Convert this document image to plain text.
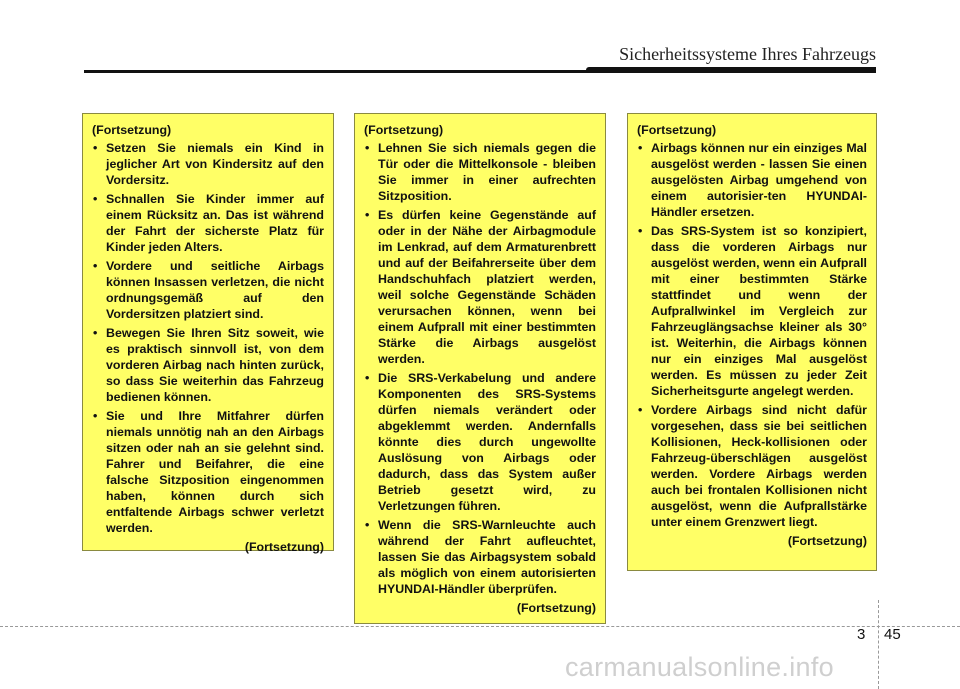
Sicherheitssysteme Ihres Fahrzeugs
(Fortsetzung)
• Setzen Sie niemals ein Kind in jeglicher Art von Kindersitz auf den Vordersitz.
• Schnallen Sie Kinder immer auf einem Rücksitz an. Das ist während der Fahrt der sicherste Platz für Kinder jeden Alters.
• Vordere und seitliche Airbags können Insassen verletzen, die nicht ordnungsgemäß auf den Vordersitzen platziert sind.
• Bewegen Sie Ihren Sitz soweit, wie es praktisch sinnvoll ist, von dem vorderen Airbag nach hinten zurück, so dass Sie weiterhin das Fahrzeug bedienen können.
• Sie und Ihre Mitfahrer dürfen niemals unnötig nah an den Airbags sitzen oder nah an sie gelehnt sind. Fahrer und Beifahrer, die eine falsche Sitzposition eingenommen haben, können durch sich entfaltende Airbags schwer verletzt werden.
(Fortsetzung)
(Fortsetzung)
• Lehnen Sie sich niemals gegen die Tür oder die Mittelkonsole - bleiben Sie immer in einer aufrechten Sitzposition.
• Es dürfen keine Gegenstände auf oder in der Nähe der Airbagmodule im Lenkrad, auf dem Armaturenbrett und auf der Beifahrerseite über dem Handschuhfach platziert werden, weil solche Gegenstände Schäden verursachen können, wenn bei einem Aufprall mit einer bestimmten Stärke die Airbags ausgelöst werden.
• Die SRS-Verkabelung und andere Komponenten des SRS-Systems dürfen niemals verändert oder abgeklemmt werden. Andernfalls könnte dies durch ungewollte Auslösung von Airbags oder dadurch, dass das System außer Betrieb gesetzt wird, zu Verletzungen führen.
• Wenn die SRS-Warnleuchte auch während der Fahrt aufleuchtet, lassen Sie das Airbagsystem sobald als möglich von einem autorisierten HYUNDAI-Händler überprüfen.
(Fortsetzung)
(Fortsetzung)
• Airbags können nur ein einziges Mal ausgelöst werden - lassen Sie einen ausgelösten Airbag umgehend von einem autorisier-ten HYUNDAI-Händler ersetzen.
• Das SRS-System ist so konzipiert, dass die vorderen Airbags nur ausgelöst werden, wenn ein Aufprall mit einer bestimmten Stärke stattfindet und wenn der Aufprallwinkel im Vergleich zur Fahrzeuglängsachse kleiner als 30° ist. Weiterhin, die Airbags können nur ein einziges Mal ausgelöst werden. Es müssen zu jeder Zeit Sicherheitsgurte angelegt werden.
• Vordere Airbags sind nicht dafür vorgesehen, dass sie bei seitlichen Kollisionen, Heck-kollisionen oder Fahrzeug-überschlägen ausgelöst werden. Vordere Airbags werden auch bei frontalen Kollisionen nicht ausgelöst, wenn die Aufprallstärke unter einem Grenzwert liegt.
(Fortsetzung)
3 45
carmanualsonline.info
